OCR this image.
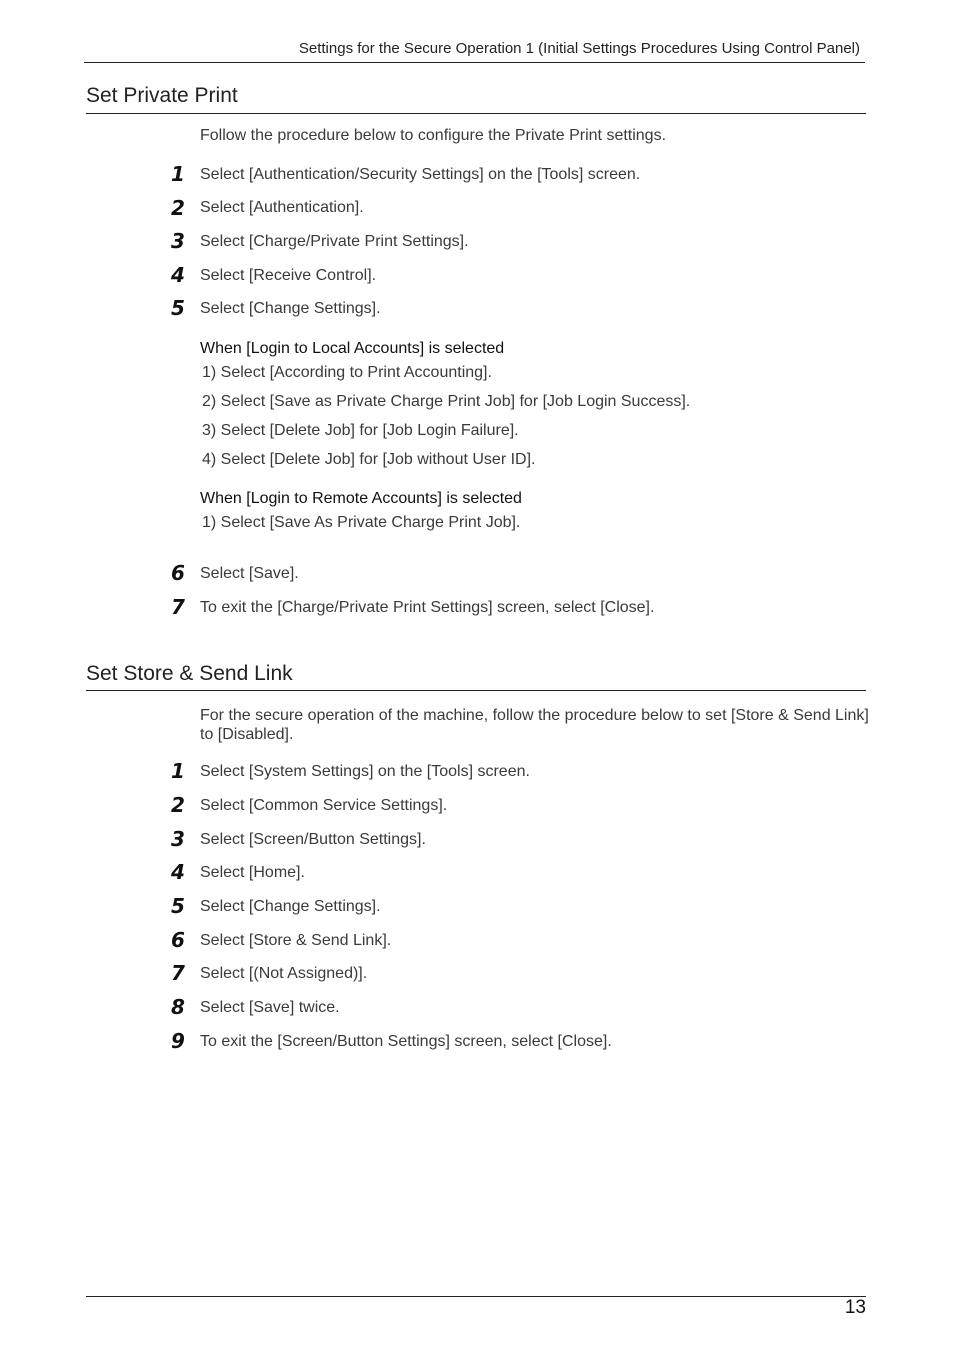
Settings for the Secure Operation 1 (Initial Settings Procedures Using Control Panel)
Set Private Print
Follow the procedure below to configure the Private Print settings.
1 Select [Authentication/Security Settings] on the [Tools] screen.
2 Select [Authentication].
3 Select [Charge/Private Print Settings].
4 Select [Receive Control].
5 Select [Change Settings].
When [Login to Local Accounts] is selected
1) Select [According to Print Accounting].
2) Select [Save as Private Charge Print Job] for [Job Login Success].
3) Select [Delete Job] for [Job Login Failure].
4) Select [Delete Job] for [Job without User ID].
When [Login to Remote Accounts] is selected
1) Select [Save As Private Charge Print Job].
6 Select [Save].
7 To exit the [Charge/Private Print Settings] screen, select [Close].
Set Store & Send Link
For the secure operation of the machine, follow the procedure below to set [Store & Send Link] to [Disabled].
1 Select [System Settings] on the [Tools] screen.
2 Select [Common Service Settings].
3 Select [Screen/Button Settings].
4 Select [Home].
5 Select [Change Settings].
6 Select [Store & Send Link].
7 Select [(Not Assigned)].
8 Select [Save] twice.
9 To exit the [Screen/Button Settings] screen, select [Close].
13
